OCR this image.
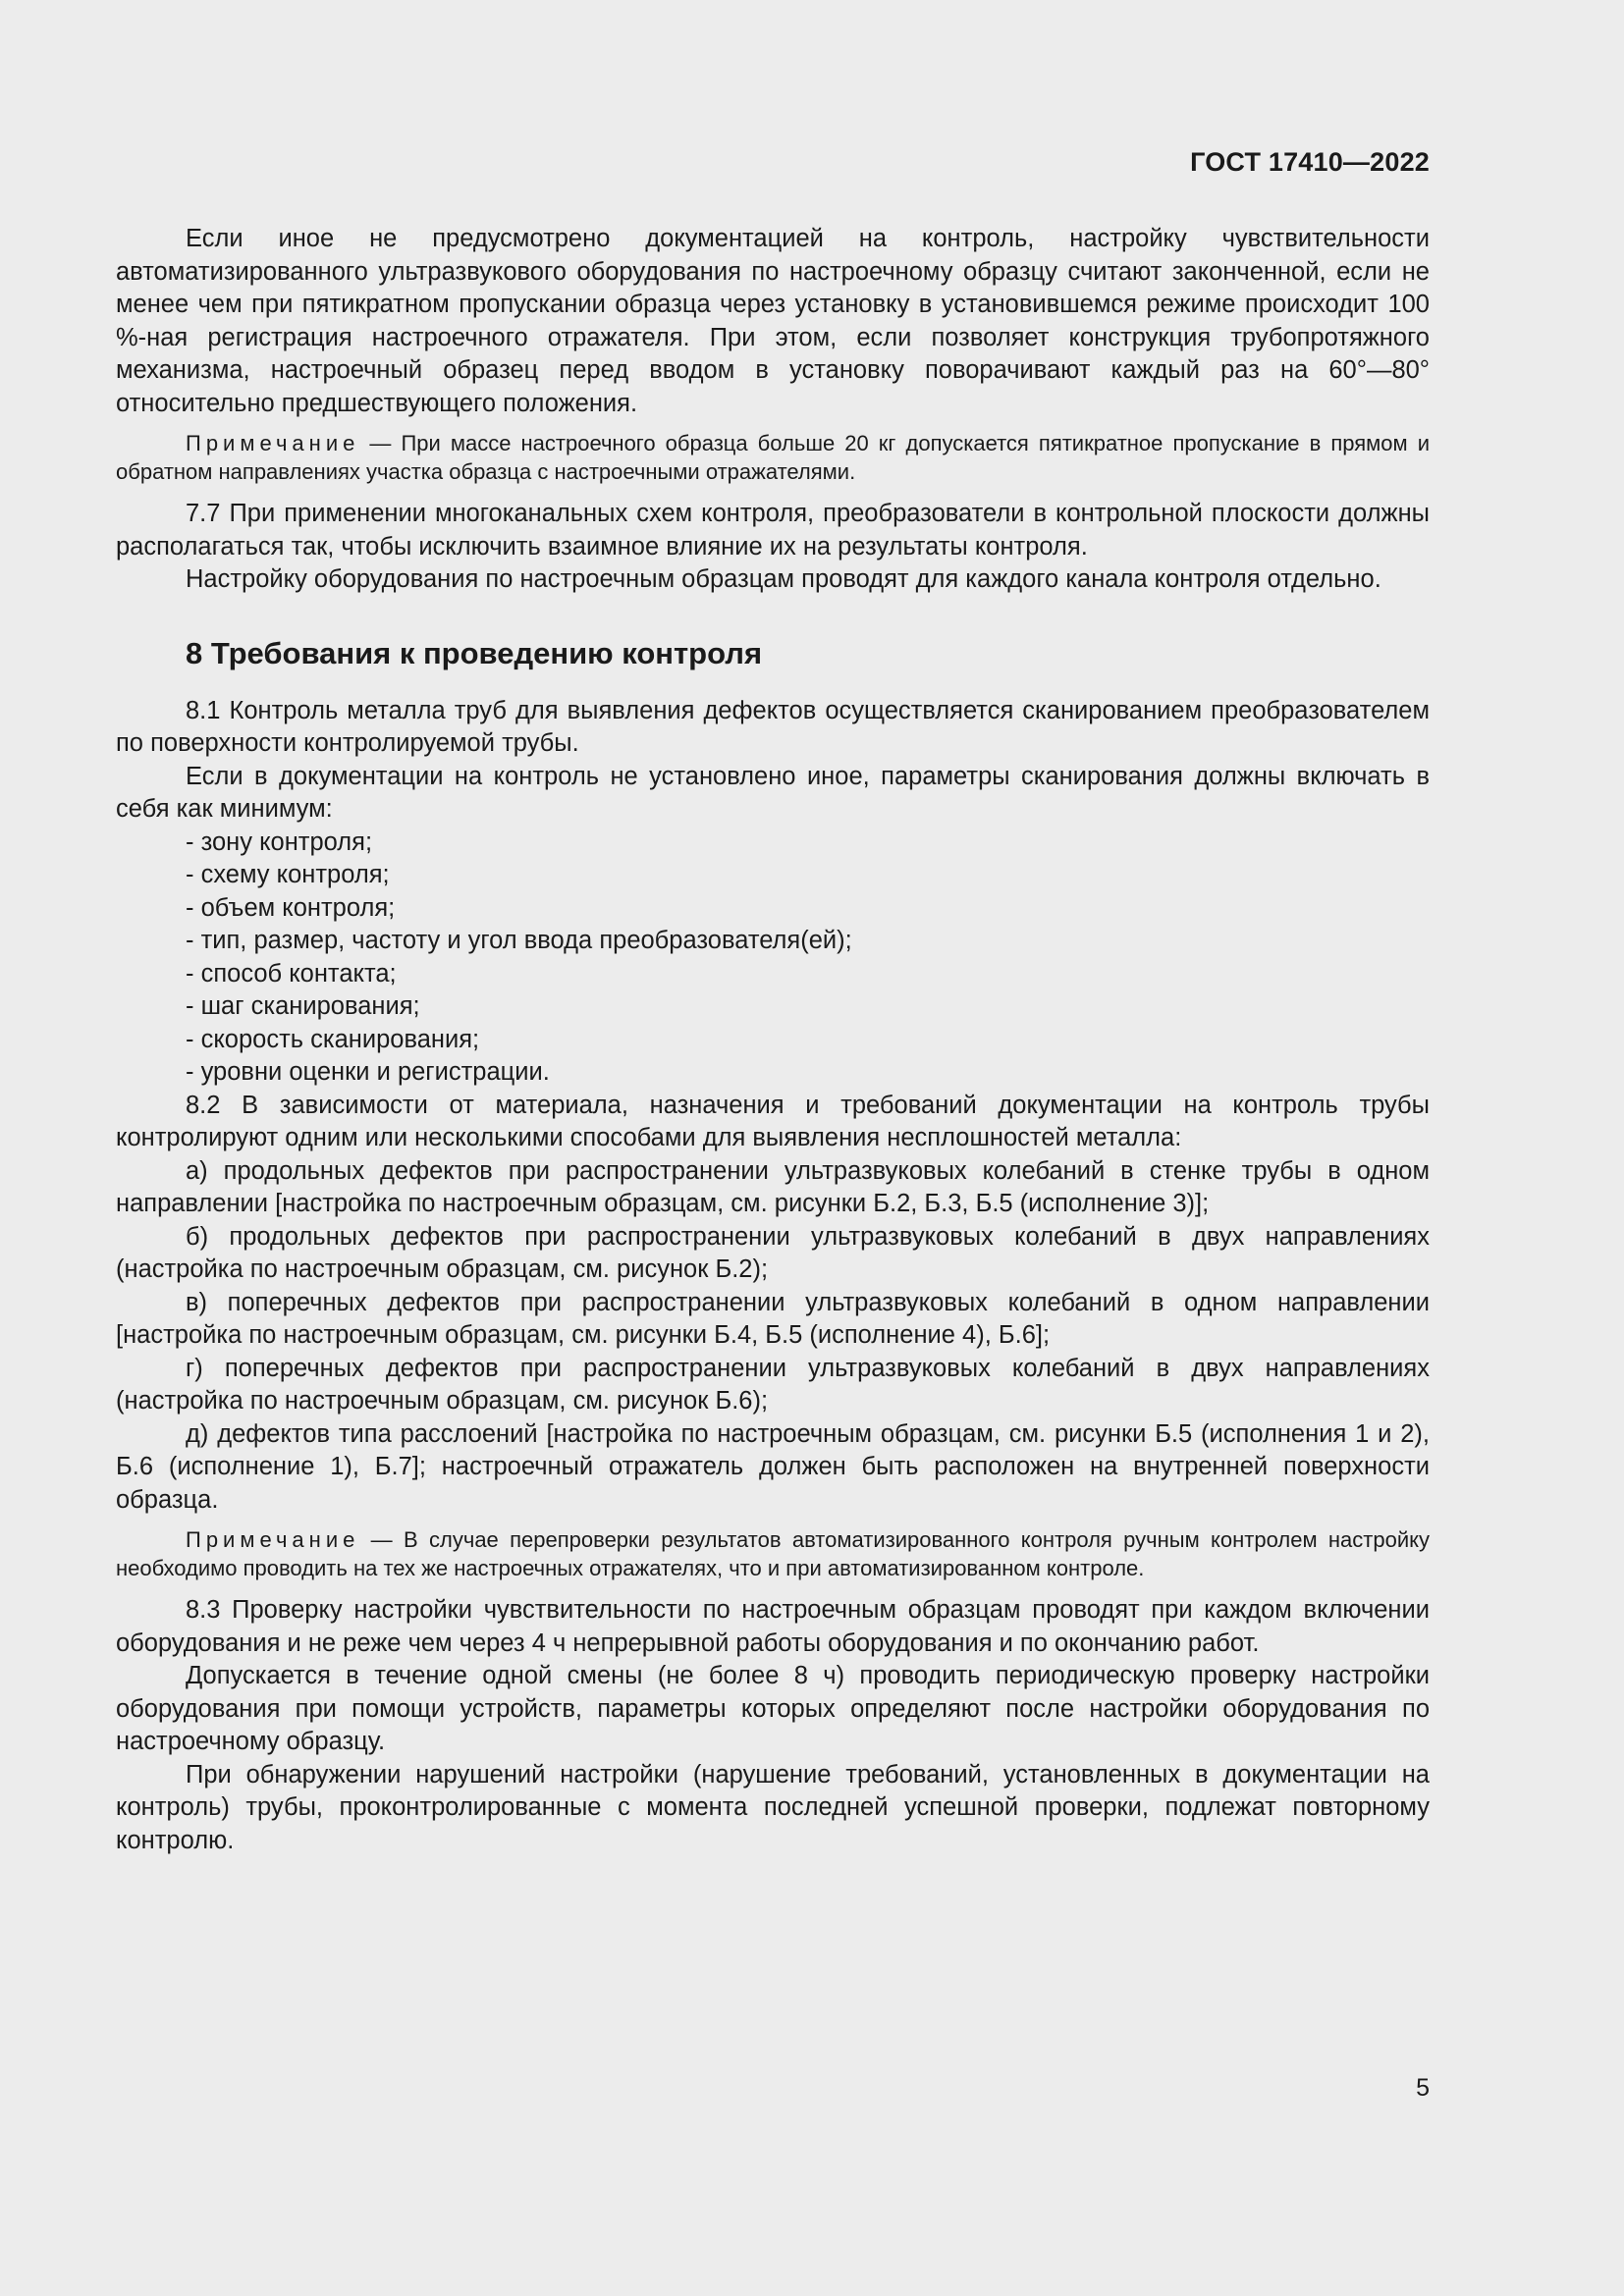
ГОСТ 17410—2022

Если иное не предусмотрено документацией на контроль, настройку чувствительности автоматизированного ультразвукового оборудования по настроечному образцу считают законченной, если не менее чем при пятикратном пропускании образца через установку в установившемся режиме происходит 100 %-ная регистрация настроечного отражателя. При этом, если позволяет конструкция трубопротяжного механизма, настроечный образец перед вводом в установку поворачивают каждый раз на 60°—80° относительно предшествующего положения.

Примечание — При массе настроечного образца больше 20 кг допускается пятикратное пропускание в прямом и обратном направлениях участка образца с настроечными отражателями.

7.7 При применении многоканальных схем контроля, преобразователи в контрольной плоскости должны располагаться так, чтобы исключить взаимное влияние их на результаты контроля.

Настройку оборудования по настроечным образцам проводят для каждого канала контроля отдельно.

8 Требования к проведению контроля

8.1 Контроль металла труб для выявления дефектов осуществляется сканированием преобразователем по поверхности контролируемой трубы.

Если в документации на контроль не установлено иное, параметры сканирования должны включать в себя как минимум:

- зону контроля;

- схему контроля;

- объем контроля;

- тип, размер, частоту и угол ввода преобразователя(ей);

- способ контакта;

- шаг сканирования;

- скорость сканирования;

- уровни оценки и регистрации.

8.2 В зависимости от материала, назначения и требований документации на контроль трубы контролируют одним или несколькими способами для выявления несплошностей металла:

а) продольных дефектов при распространении ультразвуковых колебаний в стенке трубы в одном направлении [настройка по настроечным образцам, см. рисунки Б.2, Б.3, Б.5 (исполнение 3)];

б) продольных дефектов при распространении ультразвуковых колебаний в двух направлениях (настройка по настроечным образцам, см. рисунок Б.2);

в) поперечных дефектов при распространении ультразвуковых колебаний в одном направлении [настройка по настроечным образцам, см. рисунки Б.4, Б.5 (исполнение 4), Б.6];

г) поперечных дефектов при распространении ультразвуковых колебаний в двух направлениях (настройка по настроечным образцам, см. рисунок Б.6);

д) дефектов типа расслоений [настройка по настроечным образцам, см. рисунки Б.5 (исполнения 1 и 2), Б.6 (исполнение 1), Б.7]; настроечный отражатель должен быть расположен на внутренней поверхности образца.

Примечание — В случае перепроверки результатов автоматизированного контроля ручным контролем настройку необходимо проводить на тех же настроечных отражателях, что и при автоматизированном контроле.

8.3 Проверку настройки чувствительности по настроечным образцам проводят при каждом включении оборудования и не реже чем через 4 ч непрерывной работы оборудования и по окончанию работ.

Допускается в течение одной смены (не более 8 ч) проводить периодическую проверку настройки оборудования при помощи устройств, параметры которых определяют после настройки оборудования по настроечному образцу.

При обнаружении нарушений настройки (нарушение требований, установленных в документации на контроль) трубы, проконтролированные с момента последней успешной проверки, подлежат повторному контролю.

5
